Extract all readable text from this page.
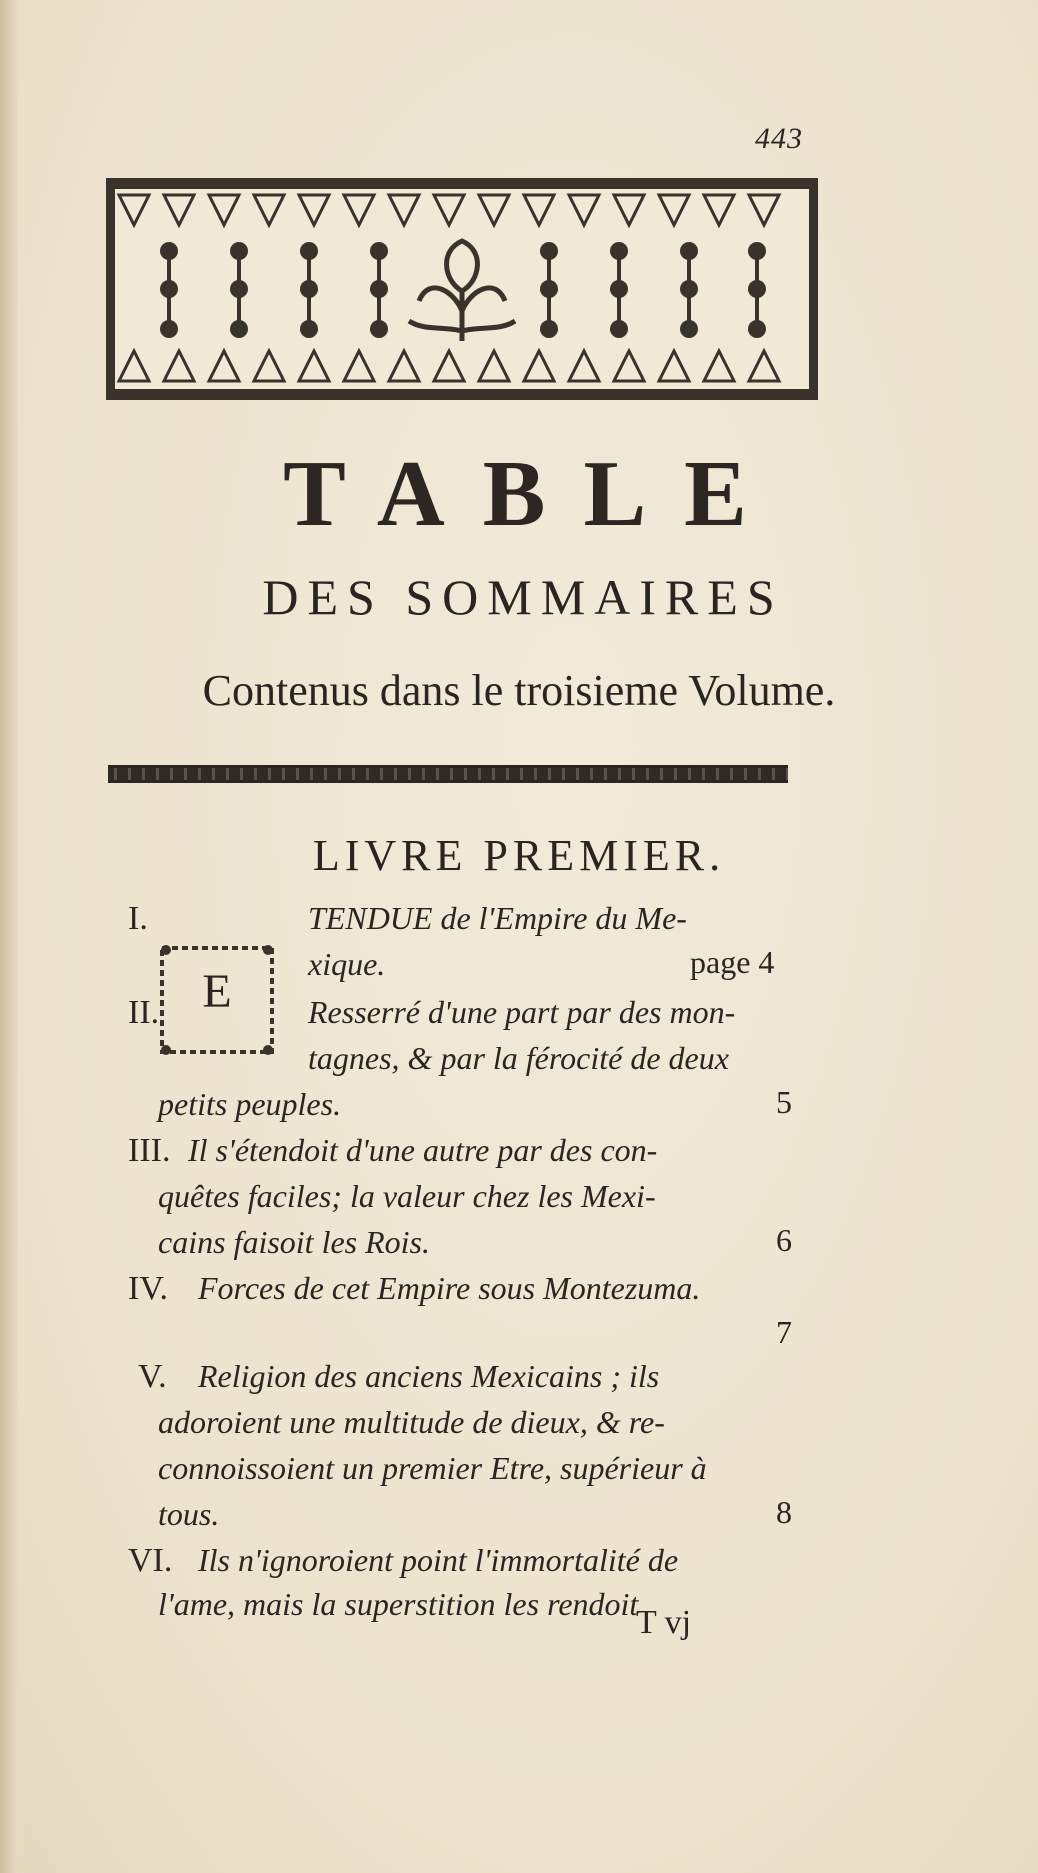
443
TABLE
DES SOMMAIRES
Contenus dans le troisieme Volume.
LIVRE PREMIER.
E
I.	TENDUE de l'Empire du Me-
xique.	page 4
II.	Resserré d'une part par des mon-
tagnes, & par la férocité de deux
petits peuples.	5
III. Il s'étendoit d'une autre par des con-
quêtes faciles; la valeur chez les Mexi-
cains faisoit les Rois.	6
IV. Forces de cet Empire sous Montezuma.
7
V. Religion des anciens Mexicains ; ils
adoroient une multitude de dieux, & re-
connoissoient un premier Etre, supérieur à
tous.	8
VI. Ils n'ignoroient point l'immortalité de
l'ame, mais la superstition les rendoit
T vj
